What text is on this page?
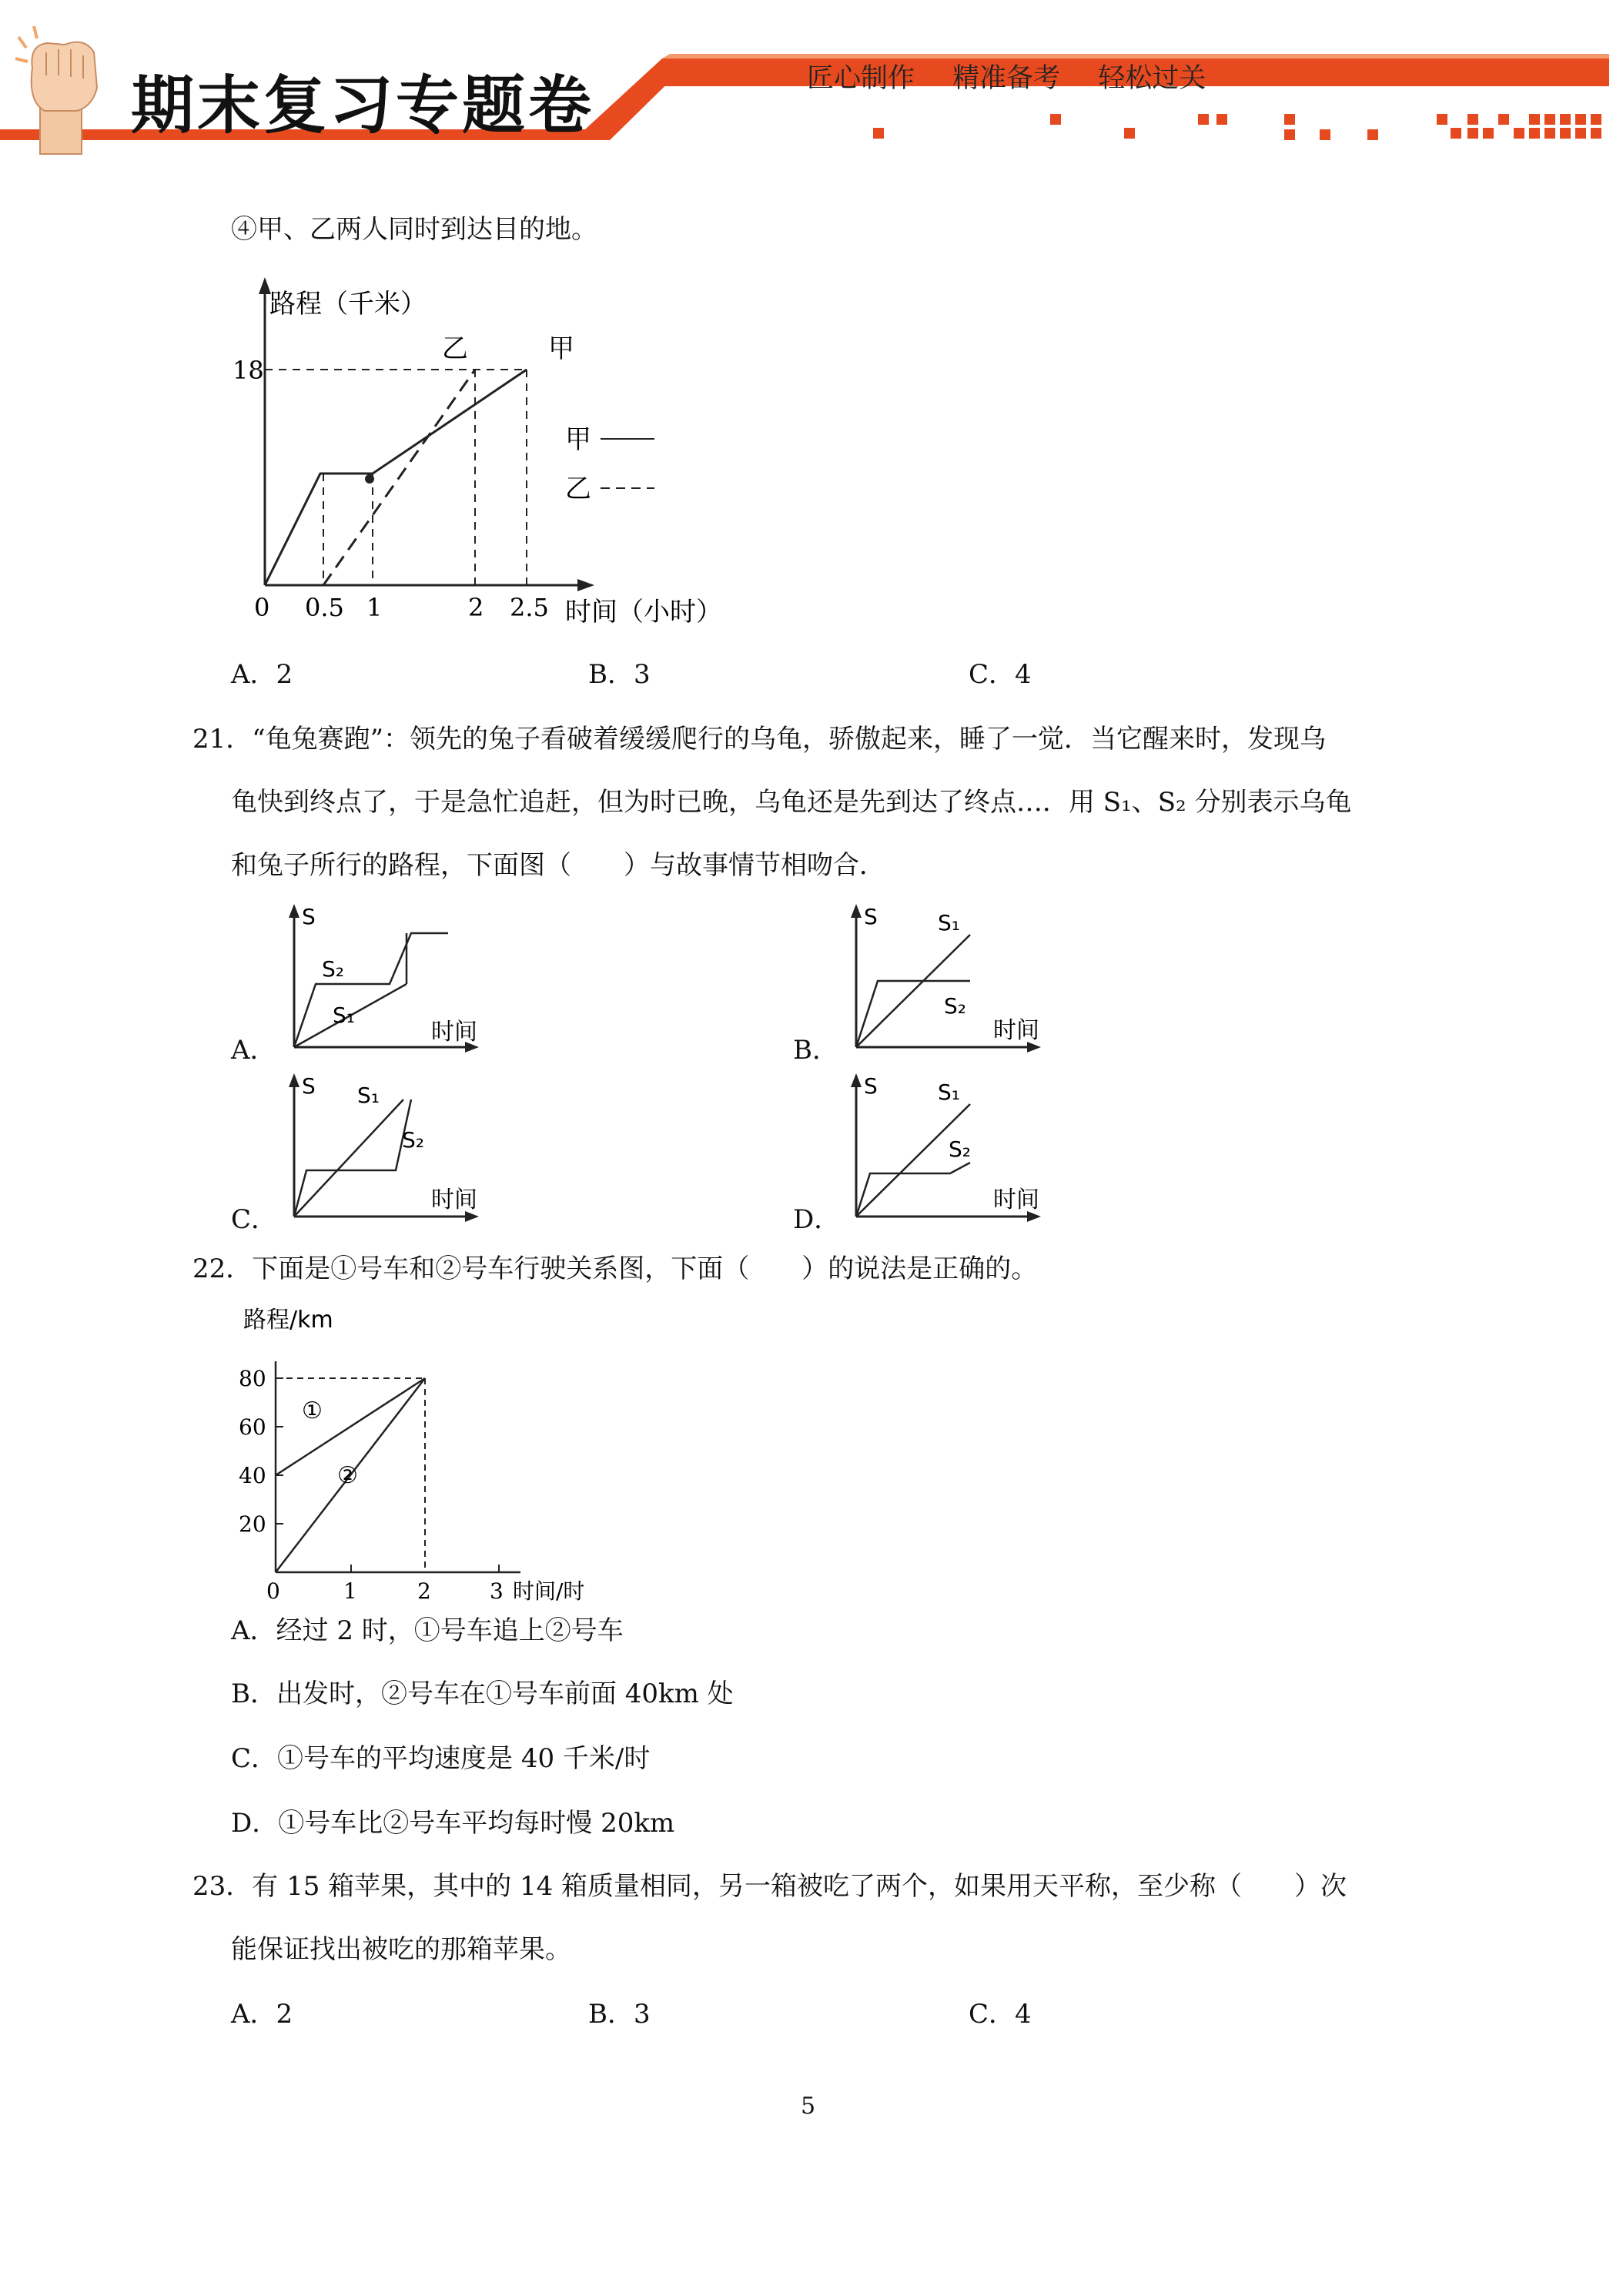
期末复习专题卷	匠心制作 精准备考 轻松过关
④甲、乙两人同时到达目的地。
路程（千米）
18
0 0.5 1	2 2.5 时间（小时）
乙	甲
甲
乙
A．2	B．3	C．4
21．“龟兔赛跑”：领先的兔子看破着缓缓爬行的乌龟，骄傲起来，睡了一觉．当它醒来时，发现乌
龟快到终点了，于是急忙追赶，但为时已晚，乌龟还是先到达了终点…．用 S₁、S₂ 分别表示乌龟
和兔子所行的路程，下面图（　　）与故事情节相吻合．
A．
S
S₂
S₁
时间
B．
S	S₁
S₂
时间
C．
S S₁
S₂
时间
D．
S	S₁
S₂
时间
22．下面是①号车和②号车行驶关系图，下面（　　）的说法是正确的。
路程/km
80
60
40
20
0	1	2	3 时间/时
①
②
A．经过 2 时，①号车追上②号车
B．出发时，②号车在①号车前面 40km 处
C．①号车的平均速度是 40 千米/时
D．①号车比②号车平均每时慢 20km
23．有 15 箱苹果，其中的 14 箱质量相同，另一箱被吃了两个，如果用天平称，至少称（　　）次
能保证找出被吃的那箱苹果。
A．2	B．3	C．4
5
